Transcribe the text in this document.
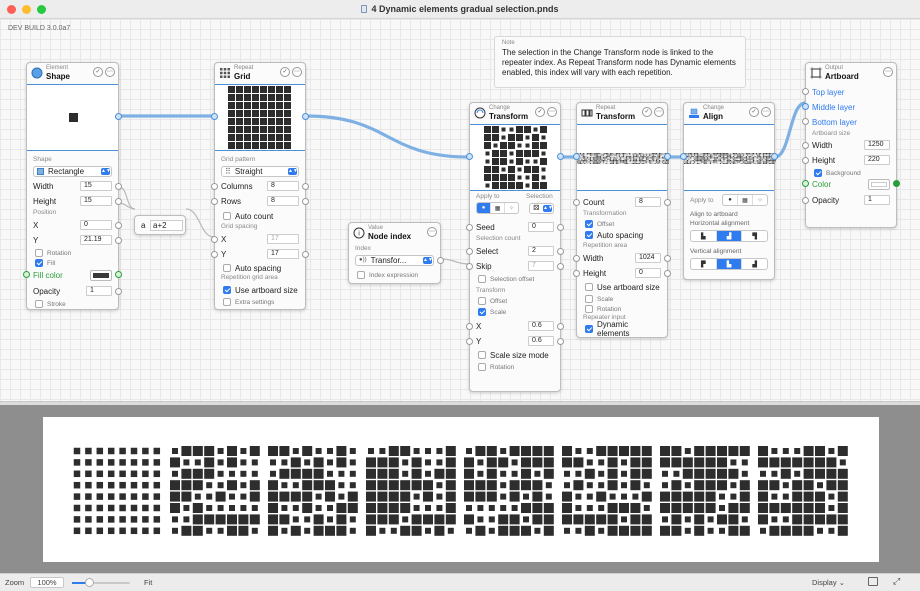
4 Dynamic elements gradual selection.pnds
DEV BUILD 3.0.0a7
Note
The selection in the Change Transform node is linked to the repeater index. As Repeat Transform node has Dynamic elements enabled, this index will vary with each repetition.
Element
Shape	✓	⋯
Shape
Rectangle	▲▼
Width	15
Height	15
Position
X	0
Y	21.19
Rotation
Fill
Fill color
Opacity	1
Stroke
a a+2
Repeat
Grid	✓	⋯
Grid pattern
⠿ Straight	▲▼
Columns	8
Rows	8
Auto count
Grid spacing
X	17
Y	17
Auto spacing
Repetition grid area
Use artboard size
Extra settings
i
Value
Node index	⋯
Index
●)) Transfor...	▲▼
Index expression
Change
Transform	✓	⋯
Apply to	Selection
●	▦	⁘	⚄ ▲▼
Seed	0
Selection count
Select	2
Skip	7
Selection offset
Transform
Offset
Scale
X	0.6
Y	0.6
Scale size mode
Rotation
Repeat
Transform	✓	⋯
Count	8
Transformation
Offset
Auto spacing
Repetition area
Width	1024
Height	0
Use artboard size
Scale
Rotation
Repeater input
Dynamic elements
Change
Align	✓	⋯
Apply to	●	▦	⁘
Align to artboard
Horizontal alignment
▙	▟	▜
Vertical alignment
▛	▙	▟
Output
Artboard	⋯
Top layer
Middle layer
Bottom layer
Artboard size
Width	1250
Height	220
Background
Color
Opacity	1
Zoom	100%	Fit	Display ⌄	⤢
